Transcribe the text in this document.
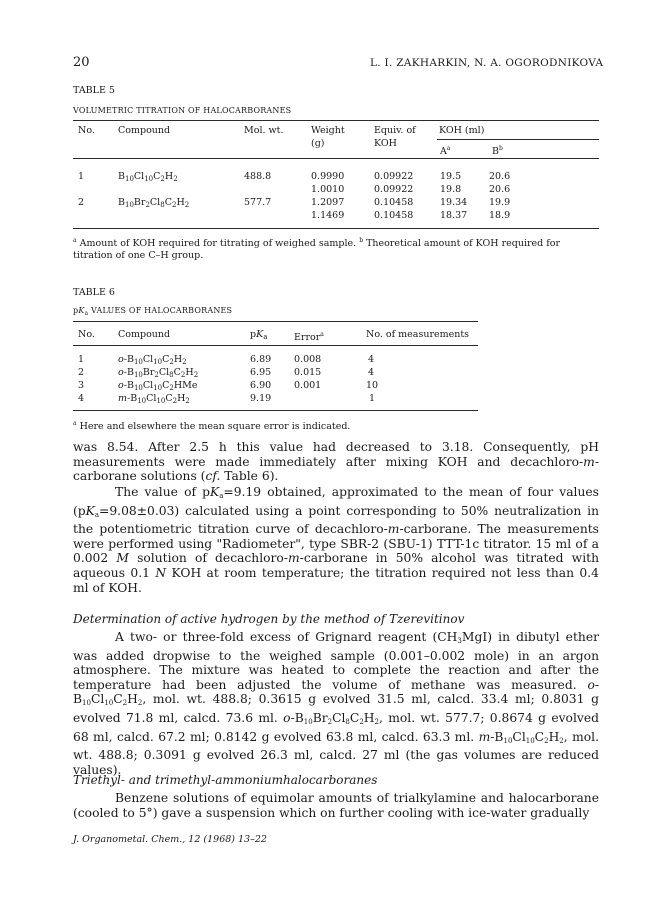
20	L. I. ZAKHARKIN, N. A. OGORODNIKOVA
TABLE 5
VOLUMETRIC TITRATION OF HALOCARBORANES
No. Compound	Mol. wt.	Weight
(g)
Equiv. of
KOH
KOH (ml)
$A^a$	$B^b$
1	$B_{10}Cl_{10}C_2H_2$	488.8	0.9990	0.09922	19.5	20.6
1.0010	0.09922	19.8	20.6
2	$B_{10}Br_2Cl_8C_2H_2$	577.7	1.2097	0.10458	19.34 19.9
1.1469	0.10458	18.37 18.9
$^a$ Amount of KOH required for titrating of weighed sample. $^b$ Theoretical amount of KOH required for
titration of one C–H group.
TABLE 6
$pK_a$ VALUES OF HALOCARBORANES
No. Compound	$pK_a$	Error$^a$	No. of measurements
1	$o-B_{10}Cl_{10}C_2H_2$	6.89 0.008	4
2	$o-B_{10}Br_2Cl_8C_2H_2$	6.95 0.015	4
3	$o-B_{10}Cl_{10}C_2HMe$	6.90 0.001	10
4	$m-B_{10}Cl_{10}C_2H_2$	9.19	1
$^a$ Here and elsewhere the mean square error is indicated.
was 8.54. After 2.5 h this value had decreased to 3.18. Consequently, pH measurements were made immediately after mixing KOH and decachloro-m-carborane solutions (cf. Table 6).
The value of $pK_a=9.19$ obtained, approximated to the mean of four values $(pK_a=9.08\pm 0.03)$ calculated using a point corresponding to 50% neutralization in the potentiometric titration curve of decachloro-m-carborane. The measurements were performed using "Radiometer", type SBR-2 (SBU-1) TTT-1c titrator. 15 ml of a 0.002 M solution of decachloro-m-carborane in 50% alcohol was titrated with aqueous 0.1 N KOH at room temperature; the titration required not less than 0.4 ml of KOH.
Determination of active hydrogen by the method of Tzerevitinov
A two- or three-fold excess of Grignard reagent $(CH_3MgI)$ in dibutyl ether was added dropwise to the weighed sample (0.001–0.002 mole) in an argon atmosphere. The mixture was heated to complete the reaction and after the temperature had been adjusted the volume of methane was measured. $o-B_{10}Cl_{10}C_2H_2$, mol. wt. 488.8; 0.3615 g evolved 31.5 ml, calcd. 33.4 ml; 0.8031 g evolved 71.8 ml, calcd. 73.6 ml. $o-B_{10}Br_2Cl_8C_2H_2$, mol. wt. 577.7; 0.8674 g evolved 68 ml, calcd. 67.2 ml; 0.8142 g evolved 63.8 ml, calcd. 63.3 ml. $m-B_{10}Cl_{10}C_2H_2$, mol. wt. 488.8; 0.3091 g evolved 26.3 ml, calcd. 27 ml (the gas volumes are reduced values).
Triethyl- and trimethyl-ammoniumhalocarboranes
Benzene solutions of equimolar amounts of trialkylamine and halocarborane (cooled to 5°) gave a suspension which on further cooling with ice-water gradually
J. Organometal. Chem., 12 (1968) 13–22
